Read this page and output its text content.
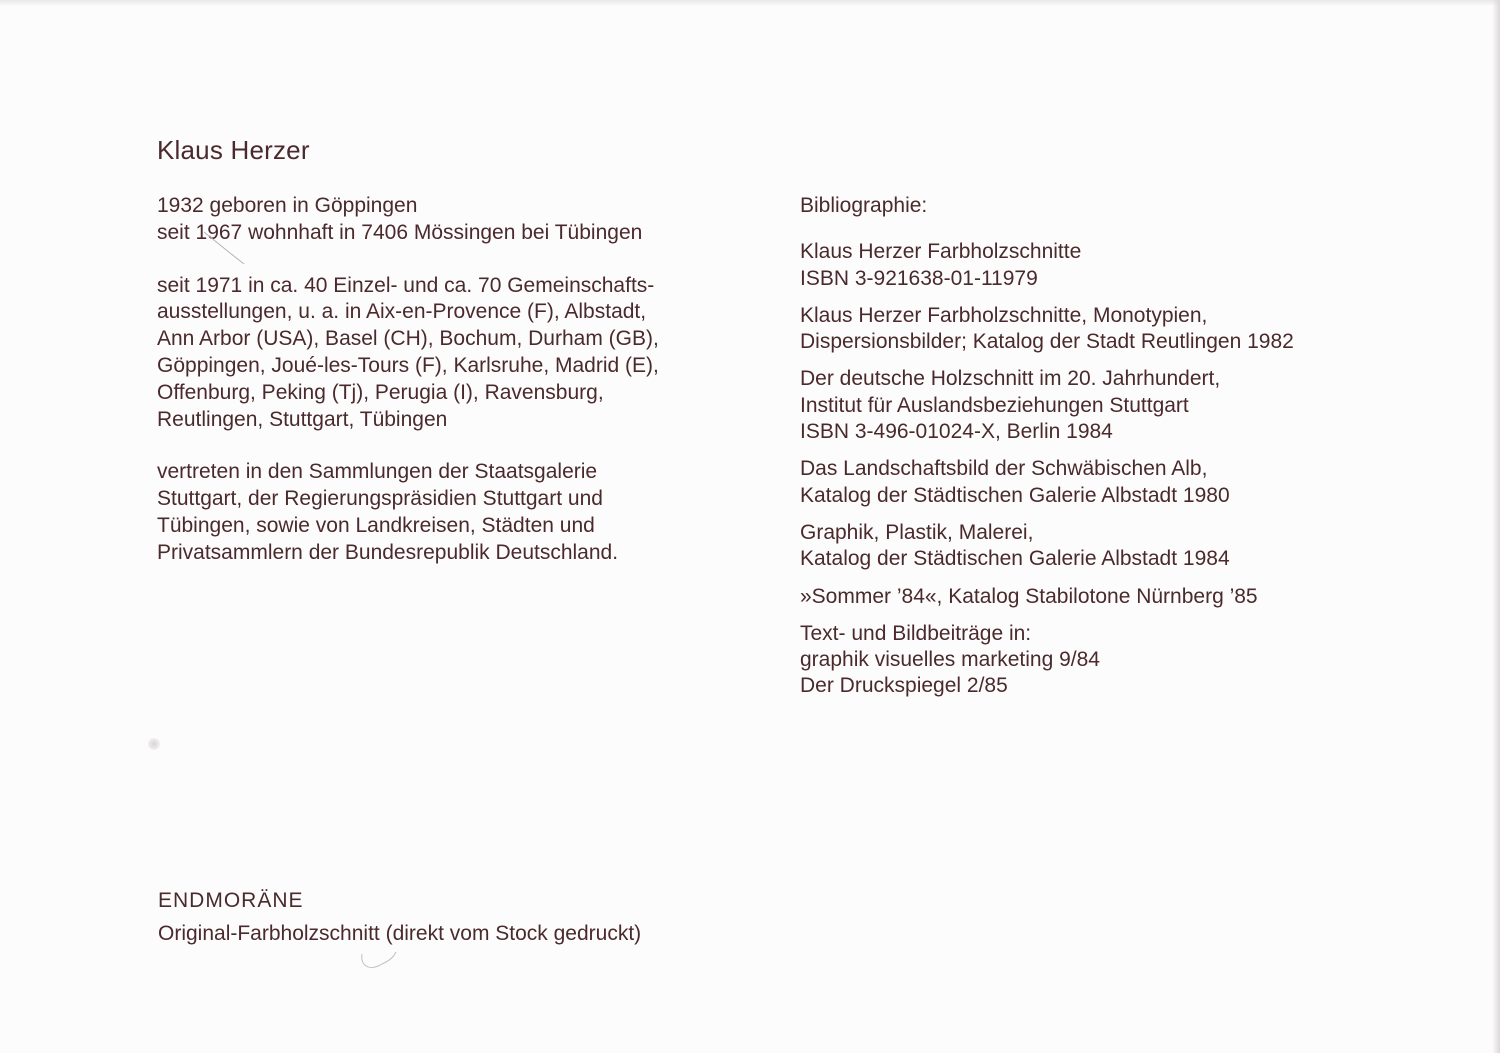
Klaus Herzer

1932 geboren in Göppingen
seit 1967 wohnhaft in 7406 Mössingen bei Tübingen

seit 1971 in ca. 40 Einzel- und ca. 70 Gemeinschafts-
ausstellungen, u. a. in Aix-en-Provence (F), Albstadt,
Ann Arbor (USA), Basel (CH), Bochum, Durham (GB),
Göppingen, Joué-les-Tours (F), Karlsruhe, Madrid (E),
Offenburg, Peking (Tj), Perugia (I), Ravensburg,
Reutlingen, Stuttgart, Tübingen

vertreten in den Sammlungen der Staatsgalerie
Stuttgart, der Regierungspräsidien Stuttgart und
Tübingen, sowie von Landkreisen, Städten und
Privatsammlern der Bundesrepublik Deutschland.

Bibliographie:

Klaus Herzer Farbholzschnitte
ISBN 3-921638-01-11979

Klaus Herzer Farbholzschnitte, Monotypien,
Dispersionsbilder; Katalog der Stadt Reutlingen 1982

Der deutsche Holzschnitt im 20. Jahrhundert,
Institut für Auslandsbeziehungen Stuttgart
ISBN 3-496-01024-X, Berlin 1984

Das Landschaftsbild der Schwäbischen Alb,
Katalog der Städtischen Galerie Albstadt 1980

Graphik, Plastik, Malerei,
Katalog der Städtischen Galerie Albstadt 1984

»Sommer ’84«, Katalog Stabilotone Nürnberg ’85

Text- und Bildbeiträge in:
graphik visuelles marketing 9/84
Der Druckspiegel 2/85

ENDMORÄNE

Original-Farbholzschnitt (direkt vom Stock gedruckt)
